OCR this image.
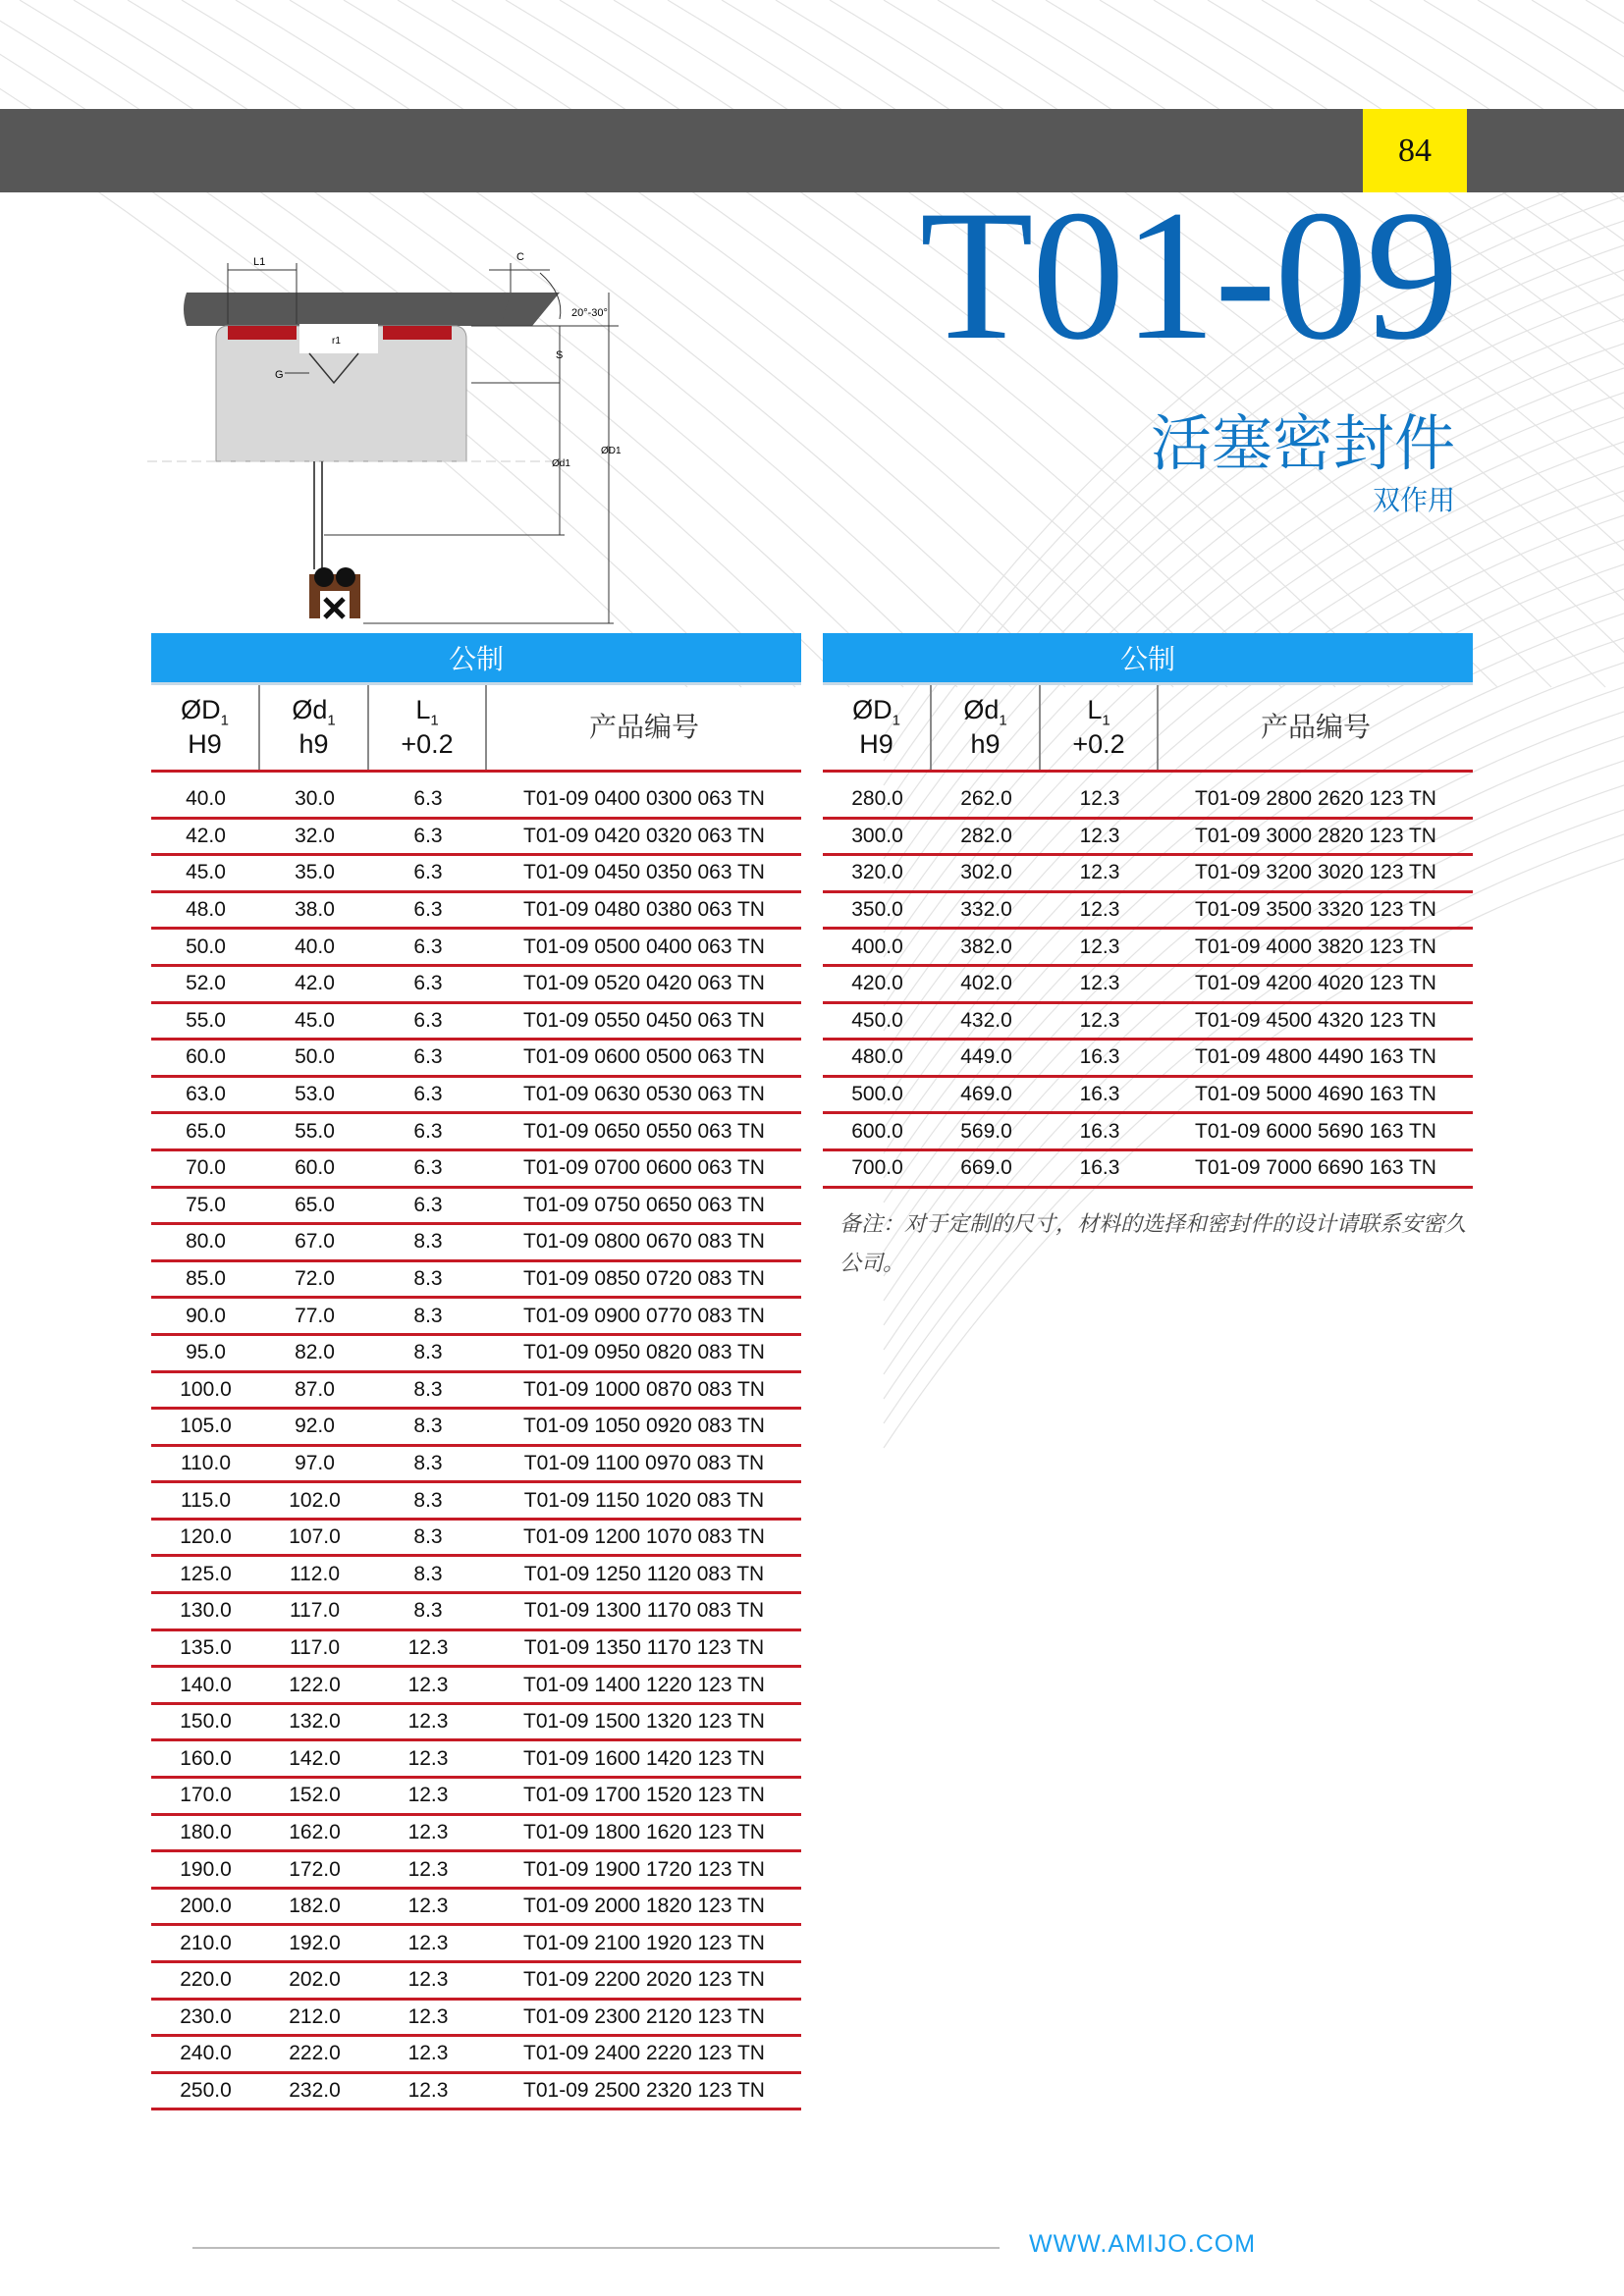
84
T01-09
活塞密封件
双作用
L1	C
20°-30°
r1
G
S
Ød1
ØD1
公制
$ØD_1$
H9
$Ød_1$
h9
$L_1$
+0.2
产品编号
40.0	30.0	6.3	T01-09 0400 0300 063 TN
42.0	32.0	6.3	T01-09 0420 0320 063 TN
45.0	35.0	6.3	T01-09 0450 0350 063 TN
48.0	38.0	6.3	T01-09 0480 0380 063 TN
50.0	40.0	6.3	T01-09 0500 0400 063 TN
52.0	42.0	6.3	T01-09 0520 0420 063 TN
55.0	45.0	6.3	T01-09 0550 0450 063 TN
60.0	50.0	6.3	T01-09 0600 0500 063 TN
63.0	53.0	6.3	T01-09 0630 0530 063 TN
65.0	55.0	6.3	T01-09 0650 0550 063 TN
70.0	60.0	6.3	T01-09 0700 0600 063 TN
75.0	65.0	6.3	T01-09 0750 0650 063 TN
80.0	67.0	8.3	T01-09 0800 0670 083 TN
85.0	72.0	8.3	T01-09 0850 0720 083 TN
90.0	77.0	8.3	T01-09 0900 0770 083 TN
95.0	82.0	8.3	T01-09 0950 0820 083 TN
100.0	87.0	8.3	T01-09 1000 0870 083 TN
105.0	92.0	8.3	T01-09 1050 0920 083 TN
110.0	97.0	8.3	T01-09 1100 0970 083 TN
115.0	102.0	8.3	T01-09 1150 1020 083 TN
120.0	107.0	8.3	T01-09 1200 1070 083 TN
125.0	112.0	8.3	T01-09 1250 1120 083 TN
130.0	117.0	8.3	T01-09 1300 1170 083 TN
135.0	117.0	12.3	T01-09 1350 1170 123 TN
140.0	122.0	12.3	T01-09 1400 1220 123 TN
150.0	132.0	12.3	T01-09 1500 1320 123 TN
160.0	142.0	12.3	T01-09 1600 1420 123 TN
170.0	152.0	12.3	T01-09 1700 1520 123 TN
180.0	162.0	12.3	T01-09 1800 1620 123 TN
190.0	172.0	12.3	T01-09 1900 1720 123 TN
200.0	182.0	12.3	T01-09 2000 1820 123 TN
210.0	192.0	12.3	T01-09 2100 1920 123 TN
220.0	202.0	12.3	T01-09 2200 2020 123 TN
230.0	212.0	12.3	T01-09 2300 2120 123 TN
240.0	222.0	12.3	T01-09 2400 2220 123 TN
250.0	232.0	12.3	T01-09 2500 2320 123 TN
公制
$ØD_1$
H9
$Ød_1$
h9
$L_1$
+0.2
产品编号
280.0	262.0	12.3	T01-09 2800 2620 123 TN
300.0	282.0	12.3	T01-09 3000 2820 123 TN
320.0	302.0	12.3	T01-09 3200 3020 123 TN
350.0	332.0	12.3	T01-09 3500 3320 123 TN
400.0	382.0	12.3	T01-09 4000 3820 123 TN
420.0	402.0	12.3	T01-09 4200 4020 123 TN
450.0	432.0	12.3	T01-09 4500 4320 123 TN
480.0	449.0	16.3	T01-09 4800 4490 163 TN
500.0	469.0	16.3	T01-09 5000 4690 163 TN
600.0	569.0	16.3	T01-09 6000 5690 163 TN
700.0	669.0	16.3	T01-09 7000 6690 163 TN
备注：对于定制的尺寸，材料的选择和密封件的设计请联系安密久公司。
WWW.AMIJO.COM
